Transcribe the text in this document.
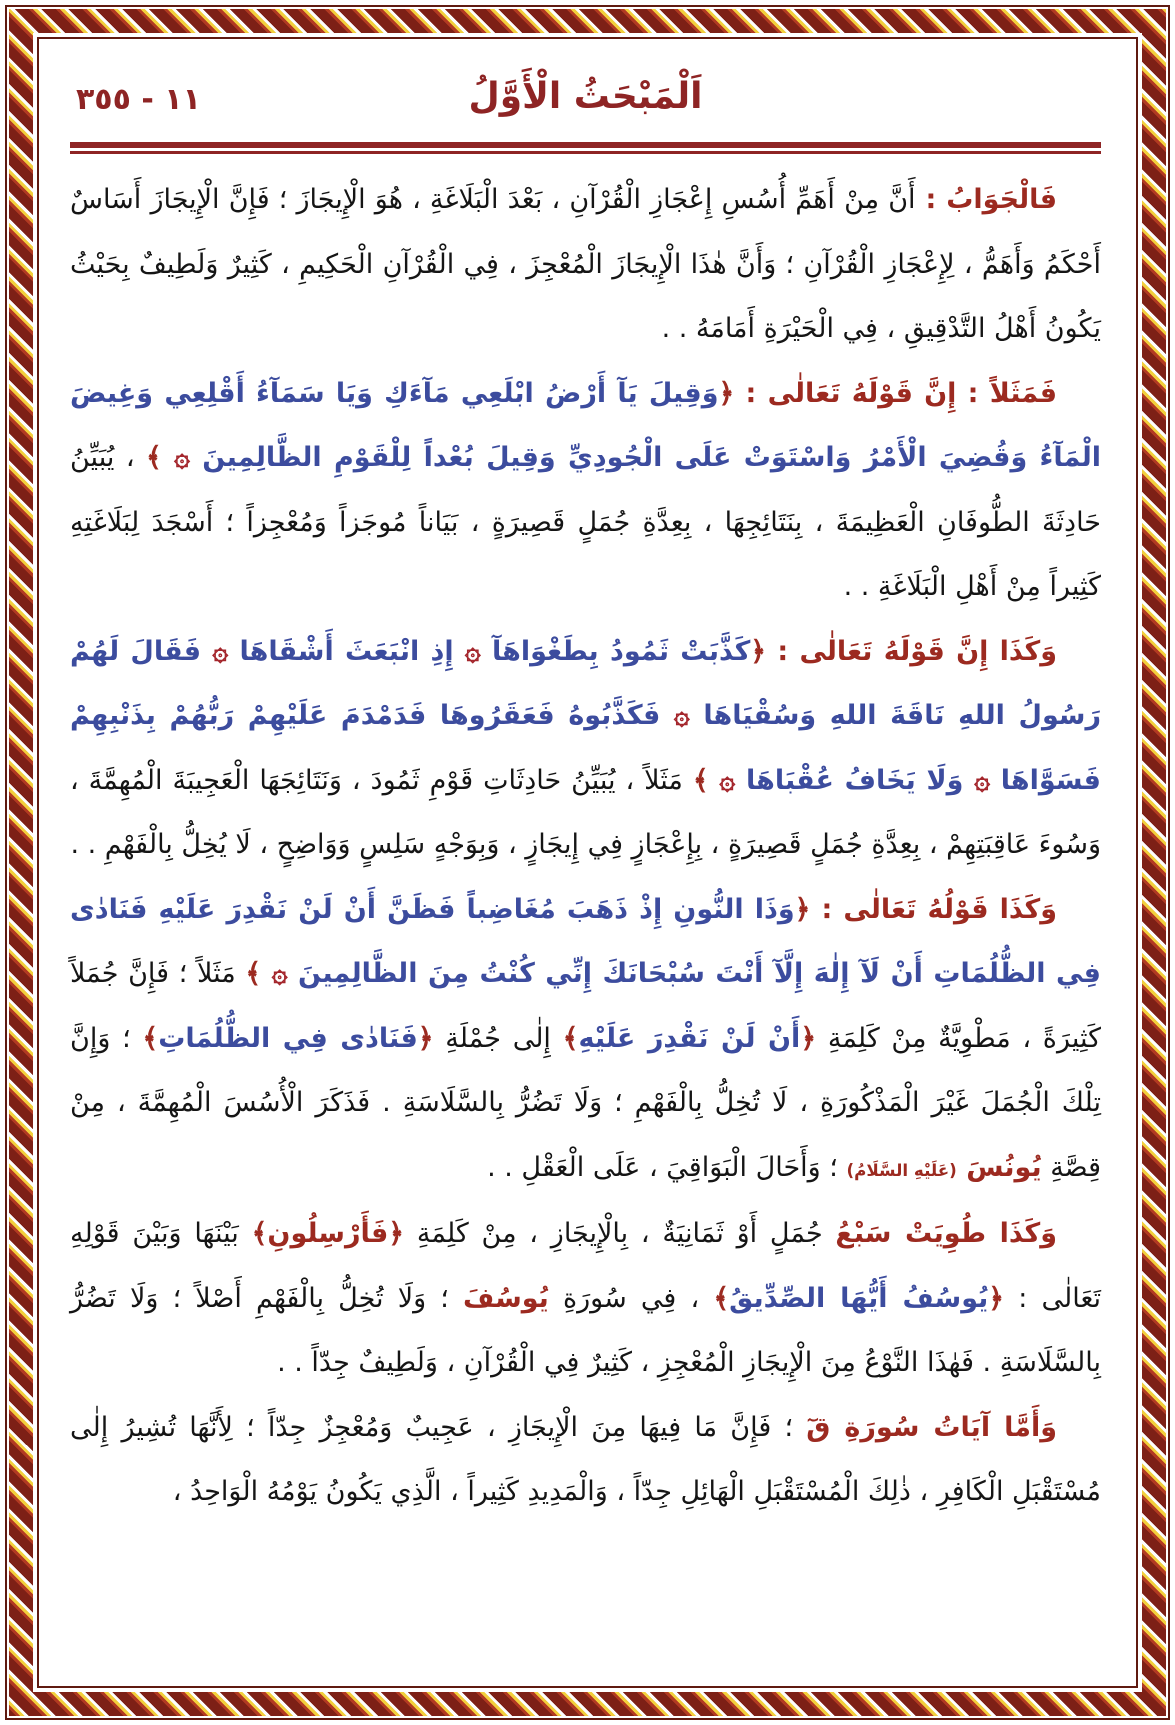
١١ - ٣٥٥	اَلْمَبْحَثُ الْأَوَّلُ

فَالْجَوَابُ : أَنَّ مِنْ أَهَمِّ أُسُسِ إِعْجَازِ الْقُرْآنِ ، بَعْدَ الْبَلَاغَةِ ، هُوَ الْإِيجَازَ ؛ فَإِنَّ الْإِيجَازَ أَسَاسٌ أَحْكَمُ وَأَهَمُّ ، لِإِعْجَازِ الْقُرْآنِ ؛ وَأَنَّ هٰذَا الْإِيجَازَ الْمُعْجِزَ ، فِي الْقُرْآنِ الْحَكِيمِ ، كَثِيرٌ وَلَطِيفٌ بِحَيْثُ يَكُونُ أَهْلُ التَّدْقِيقِ ، فِي الْحَيْرَةِ أَمَامَهُ . .

فَمَثَلاً : إِنَّ قَوْلَهُ تَعَالٰى : ﴿وَقِيلَ يَآ أَرْضُ ابْلَعِي مَآءَكِ وَيَا سَمَآءُ أَقْلِعِي وَغِيضَ الْمَآءُ وَقُضِيَ الْأَمْرُ وَاسْتَوَتْ عَلَى الْجُودِيِّ وَقِيلَ بُعْداً لِلْقَوْمِ الظَّالِمِينَ ۞ ﴾ ، يُبَيِّنُ حَادِثَةَ الطُّوفَانِ الْعَظِيمَةَ ، بِنَتَائِجِهَا ، بِعِدَّةِ جُمَلٍ قَصِيرَةٍ ، بَيَاناً مُوجَزاً وَمُعْجِزاً ؛ أَسْجَدَ لِبَلَاغَتِهِ كَثِيراً مِنْ أَهْلِ الْبَلَاغَةِ . .

وَكَذَا إِنَّ قَوْلَهُ تَعَالٰى : ﴿كَذَّبَتْ ثَمُودُ بِطَغْوَاهَآ ۞ إِذِ انْبَعَثَ أَشْقَاهَا ۞ فَقَالَ لَهُمْ رَسُولُ اللهِ نَاقَةَ اللهِ وَسُقْيَاهَا ۞ فَكَذَّبُوهُ فَعَقَرُوهَا فَدَمْدَمَ عَلَيْهِمْ رَبُّهُمْ بِذَنْبِهِمْ فَسَوَّاهَا ۞ وَلَا يَخَافُ عُقْبَاهَا ۞ ﴾ مَثَلاً ، يُبَيِّنُ حَادِثَاتِ قَوْمِ ثَمُودَ ، وَنَتَائِجَهَا الْعَجِيبَةَ الْمُهِمَّةَ ، وَسُوءَ عَاقِبَتِهِمْ ، بِعِدَّةِ جُمَلٍ قَصِيرَةٍ ، بِإِعْجَازٍ فِي إِيجَازٍ ، وَبِوَجْهٍ سَلِسٍ وَوَاضِحٍ ، لَا يُخِلُّ بِالْفَهْمِ . .

وَكَذَا قَوْلُهُ تَعَالٰى : ﴿وَذَا النُّونِ إِذْ ذَهَبَ مُغَاضِباً فَظَنَّ أَنْ لَنْ نَقْدِرَ عَلَيْهِ فَنَادٰى فِي الظُّلُمَاتِ أَنْ لَآ إِلٰهَ إِلَّآ أَنْتَ سُبْحَانَكَ إِنِّي كُنْتُ مِنَ الظَّالِمِينَ ۞ ﴾ مَثَلاً ؛ فَإِنَّ جُمَلاً كَثِيرَةً ، مَطْوِيَّةٌ مِنْ كَلِمَةِ ﴿أَنْ لَنْ نَقْدِرَ عَلَيْهِ﴾ إِلٰى جُمْلَةِ ﴿فَنَادٰى فِي الظُّلُمَاتِ﴾ ؛ وَإِنَّ تِلْكَ الْجُمَلَ غَيْرَ الْمَذْكُورَةِ ، لَا تُخِلُّ بِالْفَهْمِ ؛ وَلَا تَضُرُّ بِالسَّلَاسَةِ . فَذَكَرَ الْأُسُسَ الْمُهِمَّةَ ، مِنْ قِصَّةِ يُونُسَ (عَلَيْهِ السَّلَامُ) ؛ وَأَحَالَ الْبَوَاقِيَ ، عَلَى الْعَقْلِ . .

وَكَذَا طُوِيَتْ سَبْعُ جُمَلٍ أَوْ ثَمَانِيَةٌ ، بِالْإِيجَازِ ، مِنْ كَلِمَةِ ﴿فَأَرْسِلُونِ﴾ بَيْنَهَا وَبَيْنَ قَوْلِهِ تَعَالٰى : ﴿يُوسُفُ أَيُّهَا الصِّدِّيقُ﴾ ، فِي سُورَةِ يُوسُفَ ؛ وَلَا تُخِلُّ بِالْفَهْمِ أَصْلاً ؛ وَلَا تَضُرُّ بِالسَّلَاسَةِ . فَهٰذَا النَّوْعُ مِنَ الْإِيجَازِ الْمُعْجِزِ ، كَثِيرٌ فِي الْقُرْآنِ ، وَلَطِيفٌ جِدّاً . .

وَأَمَّا آيَاتُ سُورَةِ قٓ ؛ فَإِنَّ مَا فِيهَا مِنَ الْإِيجَازِ ، عَجِيبٌ وَمُعْجِزٌ جِدّاً ؛ لِأَنَّهَا تُشِيرُ إِلٰى مُسْتَقْبَلِ الْكَافِرِ ، ذٰلِكَ الْمُسْتَقْبَلِ الْهَائِلِ جِدّاً ، وَالْمَدِيدِ كَثِيراً ، الَّذِي يَكُونُ يَوْمُهُ الْوَاحِدُ ،
